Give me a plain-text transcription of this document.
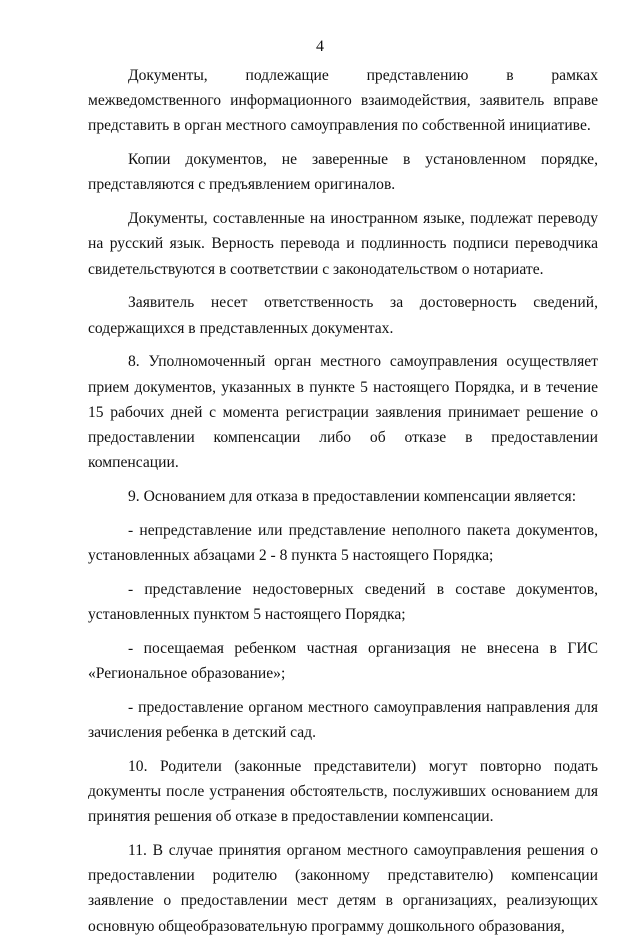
4

Документы, подлежащие представлению в рамках межведомственного информационного взаимодействия, заявитель вправе представить в орган местного самоуправления по собственной инициативе.

Копии документов, не заверенные в установленном порядке, представляются с предъявлением оригиналов.

Документы, составленные на иностранном языке, подлежат переводу на русский язык. Верность перевода и подлинность подписи переводчика свидетельствуются в соответствии с законодательством о нотариате.

Заявитель несет ответственность за достоверность сведений, содержащихся в представленных документах.

8. Уполномоченный орган местного самоуправления осуществляет прием документов, указанных в пункте 5 настоящего Порядка, и в течение 15 рабочих дней с момента регистрации заявления принимает решение о предоставлении компенсации либо об отказе в предоставлении компенсации.

9. Основанием для отказа в предоставлении компенсации является:

- непредставление или представление неполного пакета документов, установленных абзацами 2 - 8 пункта 5 настоящего Порядка;

- представление недостоверных сведений в составе документов, установленных пунктом 5 настоящего Порядка;

- посещаемая ребенком частная организация не внесена в ГИС «Региональное образование»;

- предоставление органом местного самоуправления направления для зачисления ребенка в детский сад.

10. Родители (законные представители) могут повторно подать документы после устранения обстоятельств, послуживших основанием для принятия решения об отказе в предоставлении компенсации.

11. В случае принятия органом местного самоуправления решения о предоставлении родителю (законному представителю) компенсации заявление о предоставлении мест детям в организациях, реализующих основную общеобразовательную программу дошкольного образования,
